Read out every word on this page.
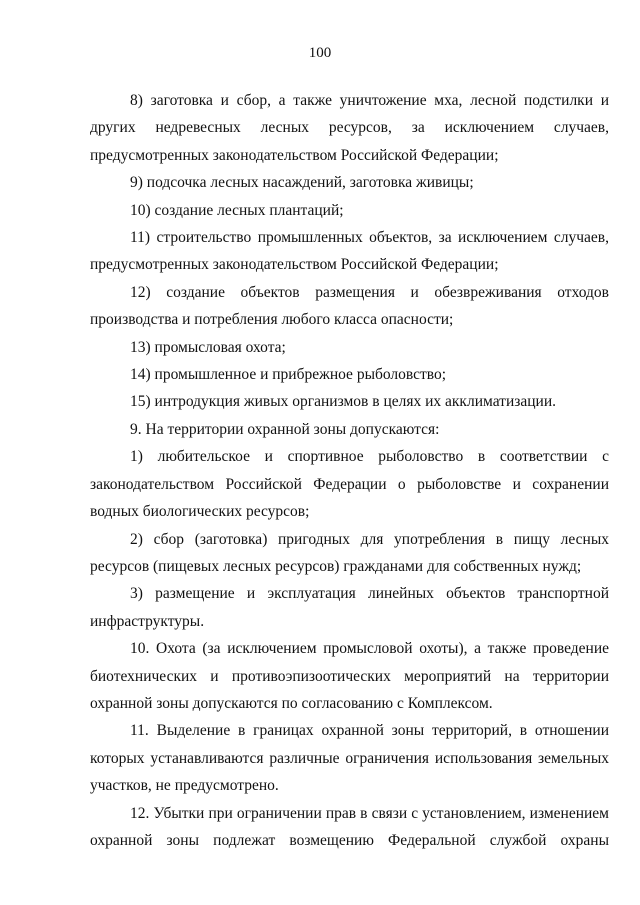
100

8) заготовка и сбор, а также уничтожение мха, лесной подстилки и других недревесных лесных ресурсов, за исключением случаев, предусмотренных законодательством Российской Федерации;

9) подсочка лесных насаждений, заготовка живицы;

10) создание лесных плантаций;

11) строительство промышленных объектов, за исключением случаев, предусмотренных законодательством Российской Федерации;

12) создание объектов размещения и обезвреживания отходов производства и потребления любого класса опасности;

13) промысловая охота;

14) промышленное и прибрежное рыболовство;

15) интродукция живых организмов в целях их акклиматизации.

9. На территории охранной зоны допускаются:

1) любительское и спортивное рыболовство в соответствии с законодательством Российской Федерации о рыболовстве и сохранении водных биологических ресурсов;

2) сбор (заготовка) пригодных для употребления в пищу лесных ресурсов (пищевых лесных ресурсов) гражданами для собственных нужд;

3) размещение и эксплуатация линейных объектов транспортной инфраструктуры.

10. Охота (за исключением промысловой охоты), а также проведение биотехнических и противоэпизоотических мероприятий на территории охранной зоны допускаются по согласованию с Комплексом.

11. Выделение в границах охранной зоны территорий, в отношении которых устанавливаются различные ограничения использования земельных участков, не предусмотрено.

12. Убытки при ограничении прав в связи с установлением, изменением охранной зоны подлежат возмещению Федеральной службой охраны
